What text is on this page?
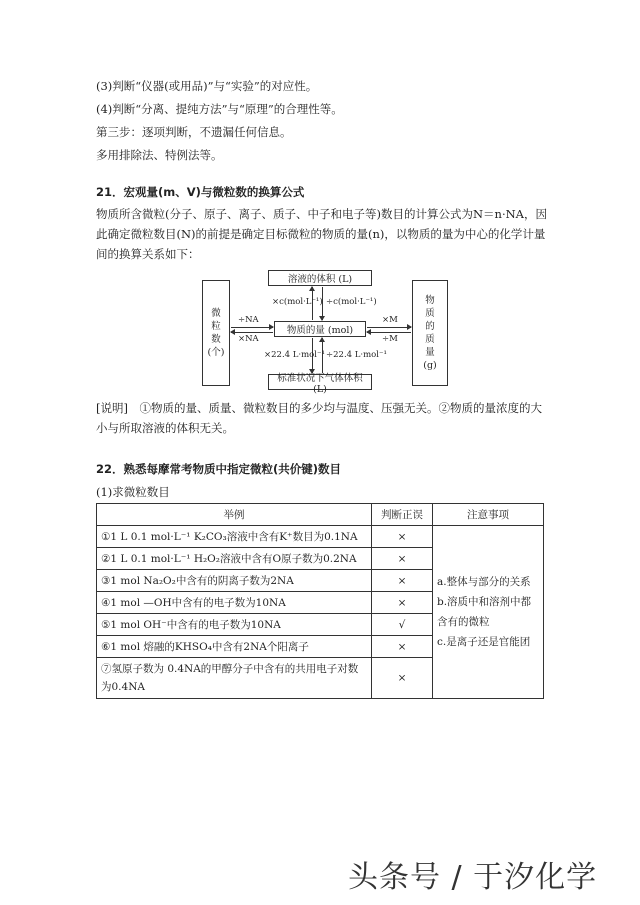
(3)判断“仪器(或用品)”与“实验”的对应性。
(4)判断“分离、提纯方法”与“原理”的合理性等。
第三步：逐项判断，不遗漏任何信息。
多用排除法、特例法等。
21．宏观量(m、V)与微粒数的换算公式
物质所含微粒(分子、原子、离子、质子、中子和电子等)数目的计算公式为N＝n·NA，因此确定微粒数目(N)的前提是确定目标微粒的物质的量(n)，以物质的量为中心的化学计量间的换算关系如下：
溶液的体积 (L)
物质的量 (mol)
标准状况下气体体积 (L)
微
粒
数
(个)
物
质
的
质
量
(g)
×c(mol·L⁻¹) ÷c(mol·L⁻¹)
×22.4 L·mol⁻¹ ÷22.4 L·mol⁻¹
÷NA
×NA
×M
÷M
[说明]　①物质的量、质量、微粒数目的多少均与温度、压强无关。②物质的量浓度的大小与所取溶液的体积无关。
22．熟悉每摩常考物质中指定微粒(共价键)数目
(1)求微粒数目
举例	判断正误	注意事项
①1 L 0.1 mol·L⁻¹ K₂CO₃溶液中含有K⁺数目为0.1NA	×	a.整体与部分的关系
b.溶质中和溶剂中都
含有的微粒
c.是离子还是官能团

②1 L 0.1 mol·L⁻¹ H₂O₂溶液中含有O原子数为0.2NA	×	
③1 mol Na₂O₂中含有的阴离子数为2NA	×	
④1 mol —OH中含有的电子数为10NA	×	
⑤1 mol OH⁻中含有的电子数为10NA	√	
⑥1 mol 熔融的KHSO₄中含有2NA个阳离子	×	
⑦氢原子数为 0.4NA的甲醇分子中含有的共用电子对数为0.4NA	×	
头条号 / 于汐化学
